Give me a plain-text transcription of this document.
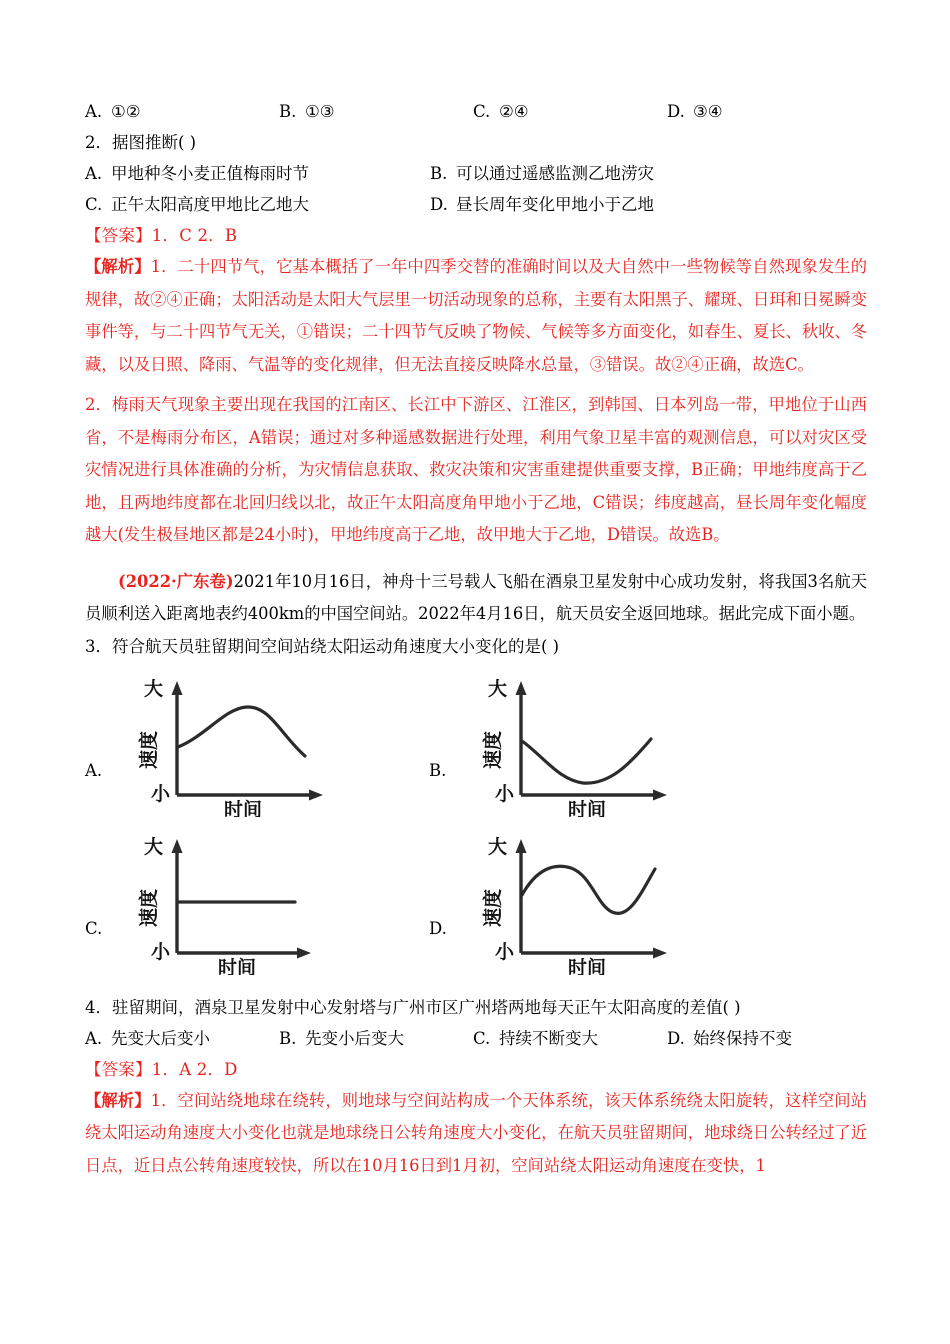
A. ①②	B. ①③	C. ②④	D. ③④
2．据图推断( )
A. 甲地种冬小麦正值梅雨时节	B. 可以通过遥感监测乙地涝灾
C. 正午太阳高度甲地比乙地大	D. 昼长周年变化甲地小于乙地
【答案】1．C 2．B
【解析】1．二十四节气，它基本概括了一年中四季交替的准确时间以及大自然中一些物候等自然现象发生的规律，故②④正确；太阳活动是太阳大气层里一切活动现象的总称，主要有太阳黑子、耀斑、日珥和日冕瞬变事件等，与二十四节气无关，①错误；二十四节气反映了物候、气候等多方面变化，如春生、夏长、秋收、冬藏，以及日照、降雨、气温等的变化规律，但无法直接反映降水总量，③错误。故②④正确，故选C。
2．梅雨天气现象主要出现在我国的江南区、长江中下游区、江淮区，到韩国、日本列岛一带，甲地位于山西省，不是梅雨分布区，A错误；通过对多种遥感数据进行处理，利用气象卫星丰富的观测信息，可以对灾区受灾情况进行具体准确的分析，为灾情信息获取、救灾决策和灾害重建提供重要支撑，B正确；甲地纬度高于乙地，且两地纬度都在北回归线以北，故正午太阳高度角甲地小于乙地，C错误；纬度越高，昼长周年变化幅度越大(发生极昼地区都是24小时)，甲地纬度高于乙地，故甲地大于乙地，D错误。故选B。
(2022·广东卷)2021年10月16日，神舟十三号载人飞船在酒泉卫星发射中心成功发射，将我国3名航天员顺利送入距离地表约400km的中国空间站。2022年4月16日，航天员安全返回地球。据此完成下面小题。
3．符合航天员驻留期间空间站绕太阳运动角速度大小变化的是( )
A.
大
小
速度
时间
B.
大
小
速度
时间
C.
大
小
速度
时间
D.
大
小
速度
时间
4．驻留期间，酒泉卫星发射中心发射塔与广州市区广州塔两地每天正午太阳高度的差值( )
A. 先变大后变小	B. 先变小后变大	C. 持续不断变大	D. 始终保持不变
【答案】1．A 2．D
【解析】1．空间站绕地球在绕转，则地球与空间站构成一个天体系统，该天体系统绕太阳旋转，这样空间站绕太阳运动角速度大小变化也就是地球绕日公转角速度大小变化，在航天员驻留期间，地球绕日公转经过了近日点，近日点公转角速度较快，所以在10月16日到1月初，空间站绕太阳运动角速度在变快，1
